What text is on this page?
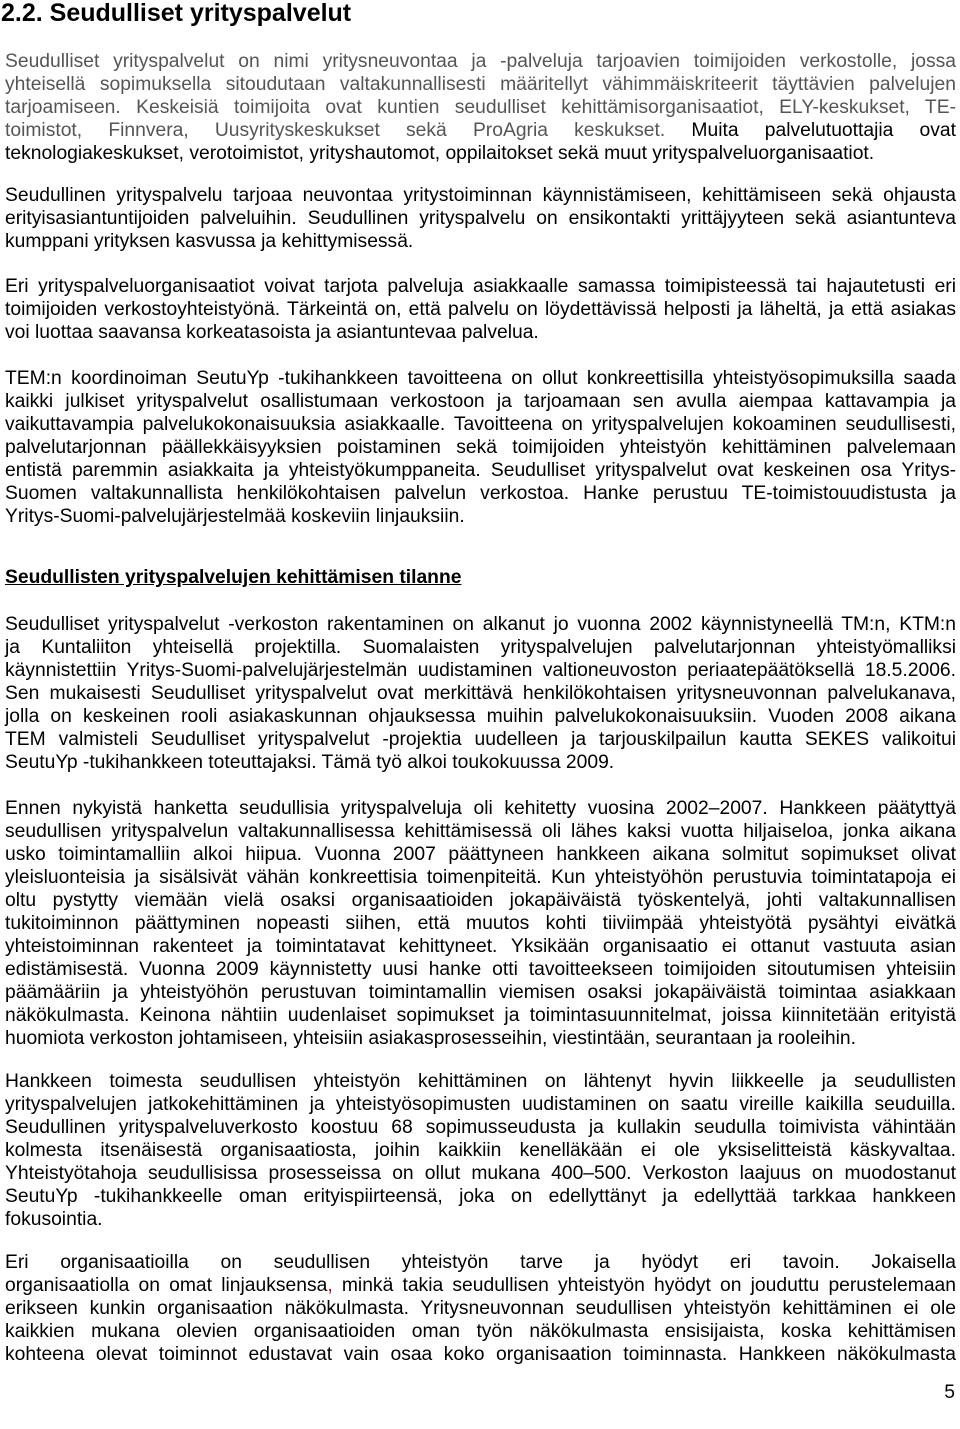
2.2. Seudulliset yrityspalvelut
Seudulliset yrityspalvelut on nimi yritysneuvontaa ja -palveluja tarjoavien toimijoiden verkostolle, jossa
yhteisellä sopimuksella sitoudutaan valtakunnallisesti määritellyt vähimmäiskriteerit täyttävien palvelujen
tarjoamiseen. Keskeisiä toimijoita ovat kuntien seudulliset kehittämisorganisaatiot, ELY-keskukset, TE-
toimistot, Finnvera, Uusyrityskeskukset sekä ProAgria keskukset. Muita palvelutuottajia ovat
teknologiakeskukset, verotoimistot, yrityshautomot, oppilaitokset sekä muut yrityspalveluorganisaatiot.
Seudullinen yrityspalvelu tarjoaa neuvontaa yritystoiminnan käynnistämiseen, kehittämiseen sekä ohjausta
erityisasiantuntijoiden palveluihin. Seudullinen yrityspalvelu on ensikontakti yrittäjyyteen sekä asiantunteva
kumppani yrityksen kasvussa ja kehittymisessä.
Eri yrityspalveluorganisaatiot voivat tarjota palveluja asiakkaalle samassa toimipisteessä tai hajautetusti eri
toimijoiden verkostoyhteistyönä. Tärkeintä on, että palvelu on löydettävissä helposti ja läheltä, ja että asiakas
voi luottaa saavansa korkeatasoista ja asiantuntevaa palvelua.
TEM:n koordinoiman SeutuYp -tukihankkeen tavoitteena on ollut konkreettisilla yhteistyösopimuksilla saada
kaikki julkiset yrityspalvelut osallistumaan verkostoon ja tarjoamaan sen avulla aiempaa kattavampia ja
vaikuttavampia palvelukokonaisuuksia asiakkaalle. Tavoitteena on yrityspalvelujen kokoaminen seudullisesti,
palvelutarjonnan päällekkäisyyksien poistaminen sekä toimijoiden yhteistyön kehittäminen palvelemaan
entistä paremmin asiakkaita ja yhteistyökumppaneita. Seudulliset yrityspalvelut ovat keskeinen osa Yritys-
Suomen valtakunnallista henkilökohtaisen palvelun verkostoa. Hanke perustuu TE-toimistouudistusta ja
Yritys-Suomi-palvelujärjestelmää koskeviin linjauksiin.
Seudullisten yrityspalvelujen kehittämisen tilanne
Seudulliset yrityspalvelut -verkoston rakentaminen on alkanut jo vuonna 2002 käynnistyneellä TM:n, KTM:n
ja Kuntaliiton yhteisellä projektilla. Suomalaisten yrityspalvelujen palvelutarjonnan yhteistyömalliksi
käynnistettiin Yritys-Suomi-palvelujärjestelmän uudistaminen valtioneuvoston periaatepäätöksellä 18.5.2006.
Sen mukaisesti Seudulliset yrityspalvelut ovat merkittävä henkilökohtaisen yritysneuvonnan palvelukanava,
jolla on keskeinen rooli asiakaskunnan ohjauksessa muihin palvelukokonaisuuksiin. Vuoden 2008 aikana
TEM valmisteli Seudulliset yrityspalvelut -projektia uudelleen ja tarjouskilpailun kautta SEKES valikoitui
SeutuYp -tukihankkeen toteuttajaksi. Tämä työ alkoi toukokuussa 2009.
Ennen nykyistä hanketta seudullisia yrityspalveluja oli kehitetty vuosina 2002–2007. Hankkeen päätyttyä
seudullisen yrityspalvelun valtakunnallisessa kehittämisessä oli lähes kaksi vuotta hiljaiseloa, jonka aikana
usko toimintamalliin alkoi hiipua. Vuonna 2007 päättyneen hankkeen aikana solmitut sopimukset olivat
yleisluonteisia ja sisälsivät vähän konkreettisia toimenpiteitä. Kun yhteistyöhön perustuvia toimintatapoja ei
oltu pystytty viemään vielä osaksi organisaatioiden jokapäiväistä työskentelyä, johti valtakunnallisen
tukitoiminnon päättyminen nopeasti siihen, että muutos kohti tiiviimpää yhteistyötä pysähtyi eivätkä
yhteistoiminnan rakenteet ja toimintatavat kehittyneet. Yksikään organisaatio ei ottanut vastuuta asian
edistämisestä. Vuonna 2009 käynnistetty uusi hanke otti tavoitteekseen toimijoiden sitoutumisen yhteisiin
päämääriin ja yhteistyöhön perustuvan toimintamallin viemisen osaksi jokapäiväistä toimintaa asiakkaan
näkökulmasta. Keinona nähtiin uudenlaiset sopimukset ja toimintasuunnitelmat, joissa kiinnitetään erityistä
huomiota verkoston johtamiseen, yhteisiin asiakasprosesseihin, viestintään, seurantaan ja rooleihin.
Hankkeen toimesta seudullisen yhteistyön kehittäminen on lähtenyt hyvin liikkeelle ja seudullisten
yrityspalvelujen jatkokehittäminen ja yhteistyösopimusten uudistaminen on saatu vireille kaikilla seuduilla.
Seudullinen yrityspalveluverkosto koostuu 68 sopimusseudusta ja kullakin seudulla toimivista vähintään
kolmesta itsenäisestä organisaatiosta, joihin kaikkiin kenelläkään ei ole yksiselitteistä käskyvaltaa.
Yhteistyötahoja seudullisissa prosesseissa on ollut mukana 400–500. Verkoston laajuus on muodostanut
SeutuYp -tukihankkeelle oman erityispiirteensä, joka on edellyttänyt ja edellyttää tarkkaa hankkeen
fokusointia.
Eri organisaatioilla on seudullisen yhteistyön tarve ja hyödyt eri tavoin. Jokaisella
organisaatiolla on omat linjauksensa, minkä takia seudullisen yhteistyön hyödyt on jouduttu perustelemaan
erikseen kunkin organisaation näkökulmasta. Yritysneuvonnan seudullisen yhteistyön kehittäminen ei ole
kaikkien mukana olevien organisaatioiden oman työn näkökulmasta ensisijaista, koska kehittämisen
kohteena olevat toiminnot edustavat vain osaa koko organisaation toiminnasta. Hankkeen näkökulmasta
5
